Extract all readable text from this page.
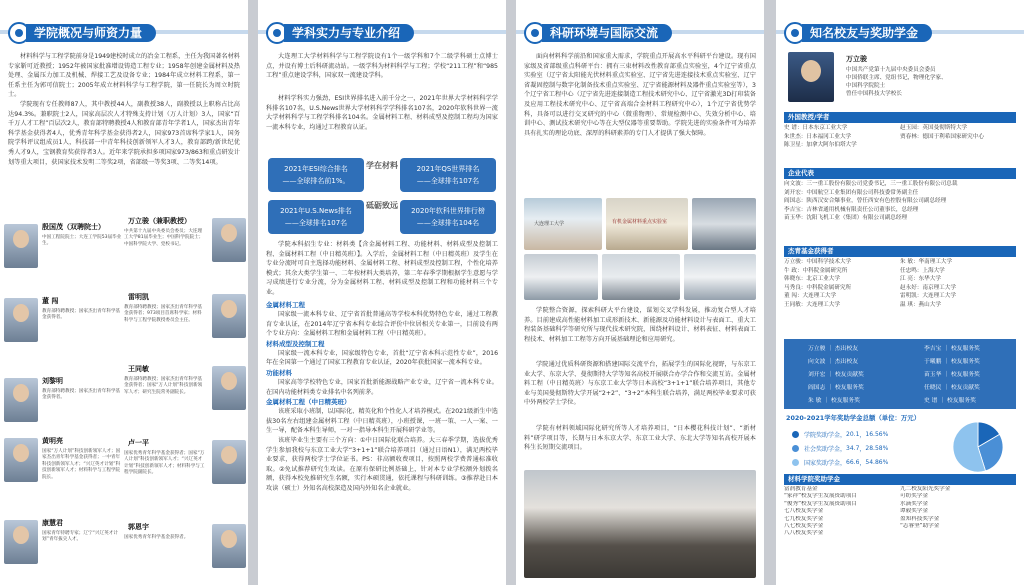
学院概况与师资力量
材料科学与工程学院前身是1949建校时成立的冶金工程系，主任为我国著名材料专家靳可近教授；1952年被国家批准增设铸造工程专业；1958年创建金属材料及热处理、金属压力加工及机械、焊接工艺及设备专业；1984年成立材料工程系，第一任系主任为郭可信院士；2005年成立材料科学与工程学院，第一任院长为周立时院士。
学院现有专任教师87人，其中教授44人，副教授38人，副教授以上职称占比高达94.3%。兼职院士2人，国家高层次人才特殊支持计划（万人计划）3人，国家“百千万人才工程”百层次2人，教育部特聘教授4人和教育部青年学者1人，国家杰出青年科学基金获得者4人，优秀青年科学基金获得者2人，国家973首席科学家1人，国务院学科评议组成员1人，科技部一中青年科技创新领军人才3人，教育部跨/新世纪优秀人才9人，宝钢教育奖获得者3人。近年来学院承担多项国家973/863和重点研发计划等重大项目，获国家技术发明二等奖2项，省部级一等奖3项、二等奖14项。
殷国茂（双聘院士）
中国工程院院士；大连工学院53届毕业生。
万立骏（兼职教授）
中共第十九届中央委员会委员；大连理工大学81届毕业生；中国科学院院士；中国科学院大学、党校书记。
董 闯
教育部特聘教授；国家杰出青年科学基金获得者。
雷明凯
教育部特聘教授；国家杰出青年科学基金获得者；973项目首席科学家；材料科学与工程学院教授委员会主任。
刘黎明
教育部特聘教授；国家杰出青年科学基金获得者。
王同敏
教育部特聘教授；国家杰出青年科学基金获得者；国家“万人计划”科技创新领军人才；研究生院常务副院长。
黄明亮
国家“万人计划”科技创新领军人才；国家杰出青年科学基金获得者；一中青年科技创新领军人才；“兴辽英才计划”科技创新领军人才；材料科学与工程学院院长。
卢一平
国家优秀青年科学基金获得者；国家“万人计划”科技创新领军人才；“兴辽英才计划”科技创新领军人才；材料科学与工程学院副院长。
康慧君
国家青年特聘专家；辽宁“兴辽英才计划”青年拔尖人才。
郭恩宇
国家优秀青年科学基金获得者。
学科实力与专业介绍
大连理工大学材料科学与工程学院设有1个一级学科和7个二级学科硕士点博士点，并设有博士后科研流动站。一级学科为材料科学与工程；学校“211工程”和“985工程”重点建设学科，国家双一流建设学科。
材料学科实力强劲，ESI世界排名进入前千分之一，2021年世界大学材料科学学科排名107名，U.S.News世界大学材料科学学科排名107名，2020年软科世界一流大学材料科学与工程学科排名104名。金属材料工程、材料成型及控制工程均为国家一流本科专业，均通过工程教育认证。
2021年ESI综合排名
——全球排名前1%。
2021年QS世界排名
——全球排名107名
2021年U.S.News排名
——全球排名107名
2020年软科世界排行榜
——全球排名104名
学在材料
砥砺致远
学院本科招生专业：材料类【含金属材料工程、功能材料、材料成型及控制工程、金属材料工程（中日精英班）】。入学后，金属材料工程（中日精英班）及学生在专业分流时可自主选择功能材料、金属材料工程、材料成型及控制工程，个性化培养模式；其余大类学生第一、二年按材料大类培养，第二年春季学期根据学生意愿与学习成绩进行专业分流，分为金属材料工程、材料成型及控制工程和功能材料三个专业。
金属材料工程
国家级一流本科专业、辽宁省首批普通高等学校本科优势特色专业，通过工程教育专业认证，在2014年辽宁省本科专业综合评价中位居相关专业第一，目前设有两个专业方向：金属材料工程和金属材料工程（中日精英班）。
材料成型及控制工程
国家级一流本科专业，国家级特色专业，首批“辽宁省本科示范性专业”，2016年在全国第一个通过了国家工程教育专业认证，2020年获批国家一流本科专业。
功能材料
国家高等学校特色专业，国家首批新能源战略产业专业，辽宁省一流本科专业。在国内功能材料类专业排名中名列前茅。
金属材料工程（中日精英班）
该班采取小班制，以国际化、精英化和个性化人才培养模式。在2021级新生中选拔30名左右组建金属材料工程（中日精英班），小班授课，一班一策、一人一案、一生一导，配备本科生导师，一对一指导本科生开展科研学业等。
该班毕业生主要有三个方向：①中日国际化联合培养。大三春季学期，选拔优秀学生参加我校与东京工业大学“3+1+1”联合培养项目（通过日语N1），满足两校毕业要求，获得两校学士学位证书。PS：非高额收费项目，按照两校学费普通标准收取。②免试推荐研究生攻读。在原有保研比例基础上，针对本专业学校额外划拨名额，获得本校免推研究生名额，实行本硕贯通，依托课程与科研训练。③推荐赴日本攻读（硕士）外知名高校深造及国内外知名企业就业。
科研环境与国际交流
面向材料科学前沿和国家重大需求，学院重点开展高水平科研平台建设。现有国家级及省部级重点科研平台：拥有三束材料改性教育部重点实验室，4个辽宁省重点实验室（辽宁省太阳能光伏材料重点实验室、辽宁省先进连接技术重点实验室、辽宁省凝固控制与数字化制备技术重点实验室、辽宁省能源材料及器件重点实验室等），3个辽宁省工程中心（辽宁省先进连接制造工程技术研究中心、辽宁省激光3D打印装备及应用工程技术研究中心、辽宁省高端合金材料工程研究中心），1个辽宁省优势学科，具备可以进行交叉研究的中心（微重物理）、常规检测中心、失效分析中心、培训中心、测试技术研究中心等在大型仪器等重要帮助。学院先进的实验条件可为培养具有扎实的理论功底、深厚的科研素养的专门人才提供了强大保障。
大连理工大学	有机金属材料重点实验室
学院整合资源，探索科研大平台建设，谋划交叉学科发展，推动复合型人才培养。目前建成高性能材料加工成形新技术、新能源及功能材料设计与表面工、重大工程装备基础科学等研究所与现代技术研究院，围绕材料设计、材料表征、材料表面工程技术、材料加工工程等方向开展基础理论和应用研究。
学院通过优质科研资源和搭建国际交流平台，拓展学生的国际化视野，与东京工业大学、东京大学、曼彻斯特大学等知名高校开展联合办学合作和交流互访。金属材料工程（中日精英班）与东京工业大学等日本高校“3+1+1”联合培养项目，其他专业与美国曼彻斯特大学开展“2+2”、“3+2”本科生联合培养，满足两校毕业要求可获中外两校学士学位。
学院有材料领域国际化研究所等人才培养项目，“日本樱花科技计划”、“新材料”研学项目等，长期与日本东京大学、东京工业大学、东北大学等知名高校开展本科生长短期交流项目。
知名校友与奖助学金
万立骏
中国共产党第十九届中央委员会委员
中国侨联主席、党组书记，物理化学家、
中国科学院院士
曾任中国科技大学校长
外国教授/学者
史 谱：日本东京工业大学	赵玉园：英国曼彻斯特大学
朱世杰：日本福冈工业大学	贾春林：德国于利希国家研究中心
陈卫星：加拿大阿尔伯塔大学
企业代表
向文波：三一重工股份有限公司党委书记，三一重工股份有限公司总裁
刘开宏：中国航空工业集团有限公司科技委常务副主任
阎国志：陕西汉安合爆事业，曾任西安有色控股有限公司副总经理
李吉宝：吉林省通用机械有限责任公司董事长，总经理
苗玉华：沈阳飞机工业（集团）有限公司副总经理
杰青基金获得者
万立骏：中国科学技术大学	朱 敏：华南理工大学
牛 政：中科院金属研究所	任忠鸣：上海大学
韩晓东：北京工业大学	江 亮：东华大学
马秀良：中科院金属研究所	赵永好：南京理工大学
董 闯：大连理工大学	雷明凯：大连理工大学
王同敏：大连理工大学	温 琪：燕山大学
万立骏 ｜ 杰出校友	李吉宝 ｜ 校友服务奖
向文波 ｜ 杰出校友	于曦鹏 ｜ 校友服务奖
刘开宏 ｜ 校友贡献奖	苗玉华 ｜ 校友服务奖
阎国志 ｜ 校友服务奖	任晓民 ｜ 校友贡献奖
朱 敏 ｜ 校友服务奖	史 谱 ｜ 校友服务奖
2020-2021学年奖助学金总额（单位：万元）
学院奖助学金 ， 20.1 ， 16.56%
社会奖助学金 ， 34.7 ， 28.58%
国家奖助学金 ， 66.6 ， 54.86%
材料学院奖助学金
富润教育基金	九二校友阳光奖学金
“家祥”校友学生发展资助项目	可纺奖学金
“俊秀”校友学生发展资助项目	水滴奖学金
七八校友奖学金	谭毅奖学金
七九校友奖学金	盈知科技奖学金
八七校友奖学金	“志睿坚”助学金
八八校友奖学金
